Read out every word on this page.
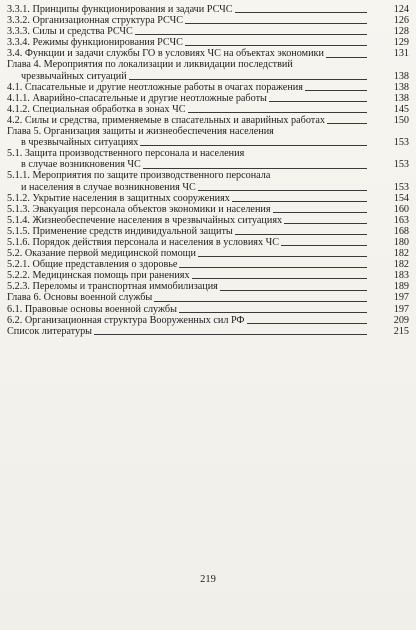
3.3.1. Принципы функционирования и задачи РСЧС	124
3.3.2. Организационная структура РСЧС	126
3.3.3. Силы и средства РСЧС	128
3.3.4. Режимы функционирования РСЧС	129
3.4. Функции и задачи службы ГО в условиях ЧС на объектах экономики	131
Глава 4. Мероприятия по локализации и ликвидации последствий
чрезвычайных ситуаций	138
4.1. Спасательные и другие неотложные работы в очагах поражения	138
4.1.1. Аварийно-спасательные и другие неотложные работы	138
4.1.2. Специальная обработка в зонах ЧС	145
4.2. Силы и средства, применяемые в спасательных и аварийных работах	150
Глава 5. Организация защиты и жизнеобеспечения населения
в чрезвычайных ситуациях	153
5.1. Защита производственного персонала и населения
в случае возникновения ЧС	153
5.1.1. Мероприятия по защите производственного персонала
и населения в случае возникновения ЧС	153
5.1.2. Укрытие населения в защитных сооружениях	154
5.1.3. Эвакуация персонала объектов экономики и населения	160
5.1.4. Жизнеобеспечение населения в чрезвычайных ситуациях	163
5.1.5. Применение средств индивидуальной защиты	168
5.1.6. Порядок действия персонала и населения в условиях ЧС	180
5.2. Оказание первой медицинской помощи	182
5.2.1. Общие представления о здоровье	182
5.2.2. Медицинская помощь при ранениях	183
5.2.3. Переломы и транспортная иммобилизация	189
Глава 6. Основы военной службы	197
6.1. Правовые основы военной службы	197
6.2. Организационная структура Вооруженных сил РФ	209
Список литературы	215
219
